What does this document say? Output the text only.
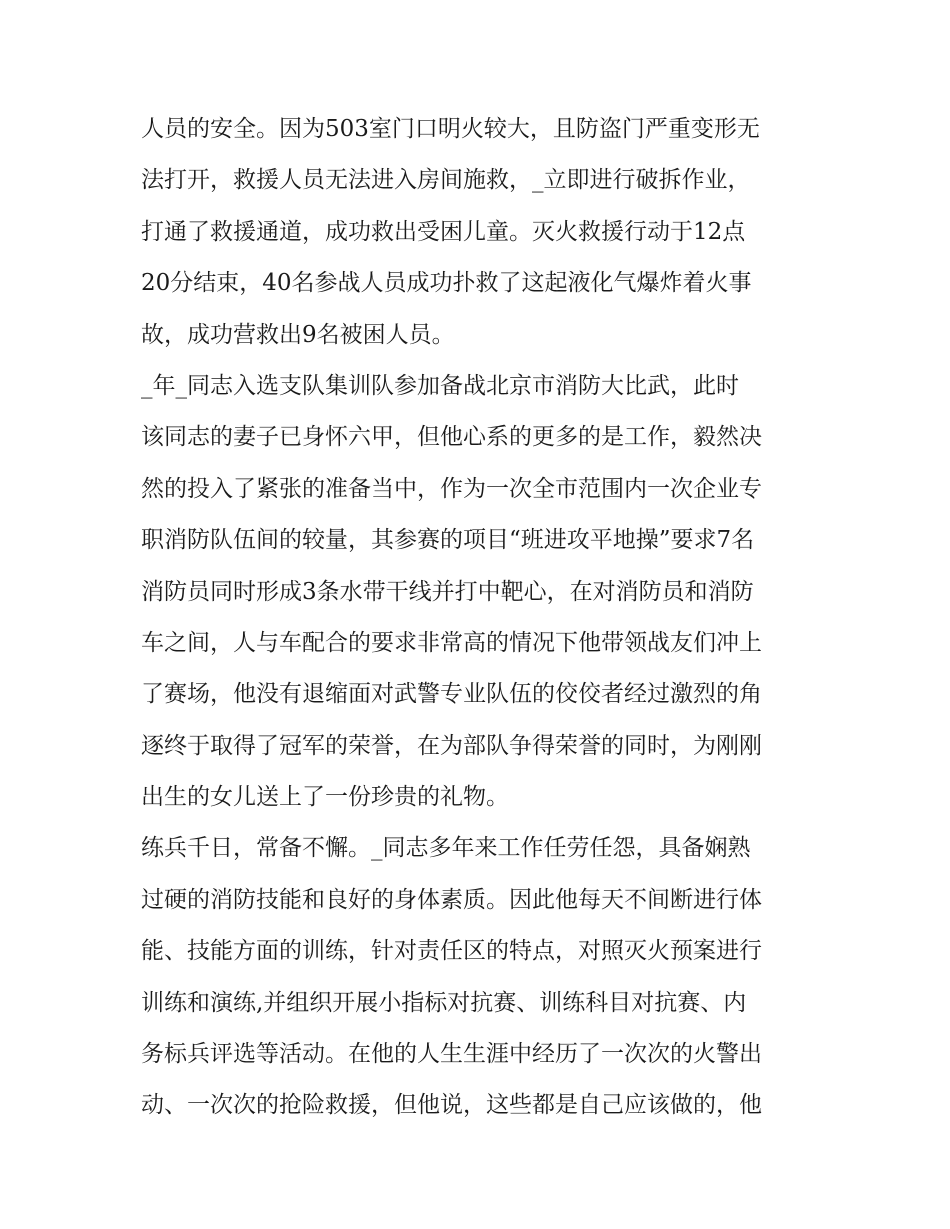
人员的安全。因为503室门口明火较大，且防盗门严重变形无
法打开，救援人员无法进入房间施救，_立即进行破拆作业，
打通了救援通道，成功救出受困儿童。灭火救援行动于12点
20分结束，40名参战人员成功扑救了这起液化气爆炸着火事
故，成功营救出9名被困人员。
_年_同志入选支队集训队参加备战北京市消防大比武，此时
该同志的妻子已身怀六甲，但他心系的更多的是工作，毅然决
然的投入了紧张的准备当中，作为一次全市范围内一次企业专
职消防队伍间的较量，其参赛的项目“班进攻平地操”要求7名
消防员同时形成3条水带干线并打中靶心，在对消防员和消防
车之间，人与车配合的要求非常高的情况下他带领战友们冲上
了赛场，他没有退缩面对武警专业队伍的佼佼者经过激烈的角
逐终于取得了冠军的荣誉，在为部队争得荣誉的同时，为刚刚
出生的女儿送上了一份珍贵的礼物。
练兵千日，常备不懈。_同志多年来工作任劳任怨，具备娴熟
过硬的消防技能和良好的身体素质。因此他每天不间断进行体
能、技能方面的训练，针对责任区的特点，对照灭火预案进行
训练和演练,并组织开展小指标对抗赛、训练科目对抗赛、内
务标兵评选等活动。在他的人生生涯中经历了一次次的火警出
动、一次次的抢险救援，但他说，这些都是自己应该做的，他
